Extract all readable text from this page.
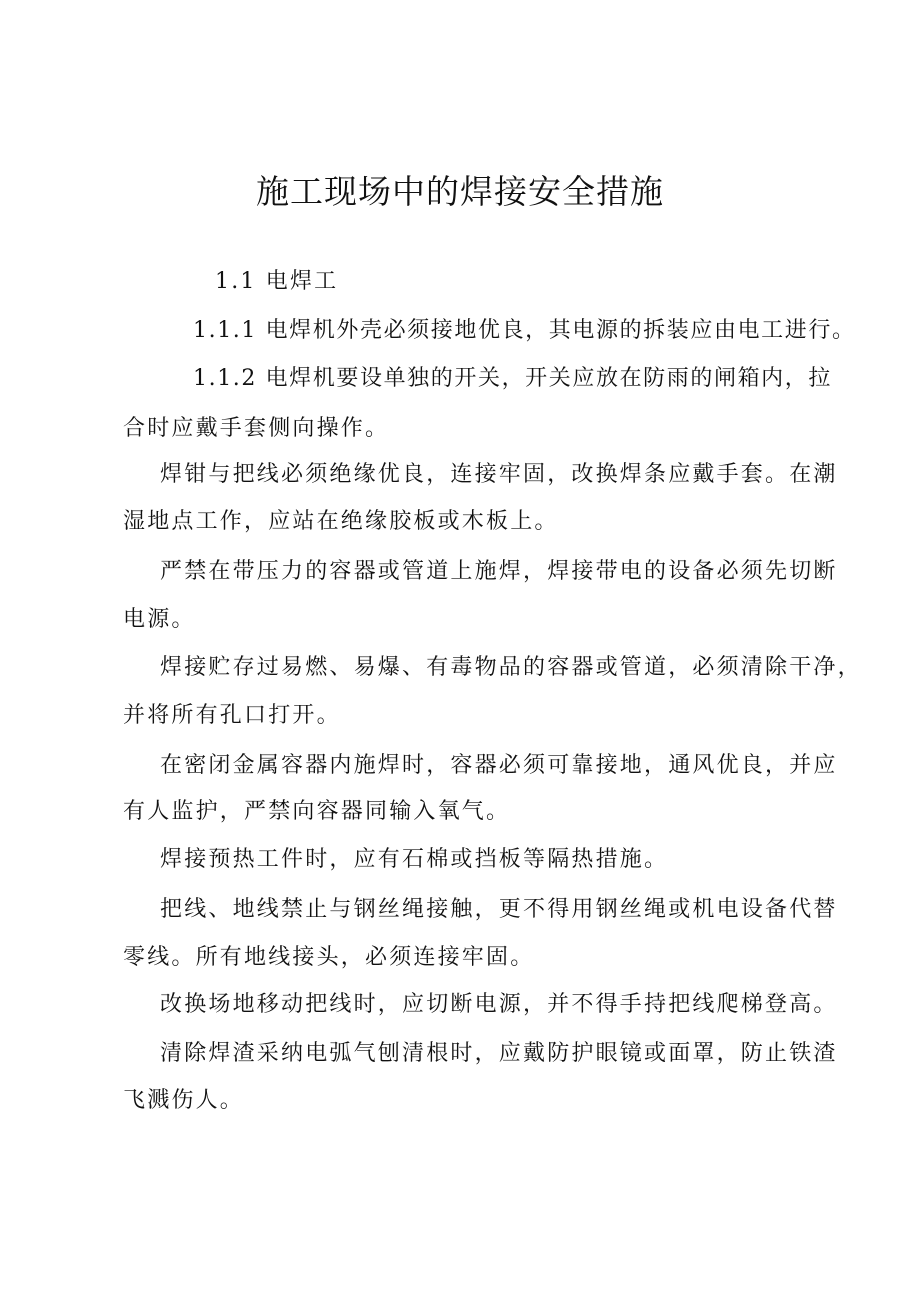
施工现场中的焊接安全措施
1.1 电焊工
1.1.1 电焊机外壳必须接地优良，其电源的拆装应由电工进行。
1.1.2 电焊机要设单独的开关，开关应放在防雨的闸箱内，拉
合时应戴手套侧向操作。
焊钳与把线必须绝缘优良，连接牢固，改换焊条应戴手套。在潮
湿地点工作，应站在绝缘胶板或木板上。
严禁在带压力的容器或管道上施焊，焊接带电的设备必须先切断
电源。
焊接贮存过易燃、易爆、有毒物品的容器或管道，必须清除干净，
并将所有孔口打开。
在密闭金属容器内施焊时，容器必须可靠接地，通风优良，并应
有人监护，严禁向容器同输入氧气。
焊接预热工件时，应有石棉或挡板等隔热措施。
把线、地线禁止与钢丝绳接触，更不得用钢丝绳或机电设备代替
零线。所有地线接头，必须连接牢固。
改换场地移动把线时，应切断电源，并不得手持把线爬梯登高。
清除焊渣采纳电弧气刨清根时，应戴防护眼镜或面罩，防止铁渣
飞溅伤人。
